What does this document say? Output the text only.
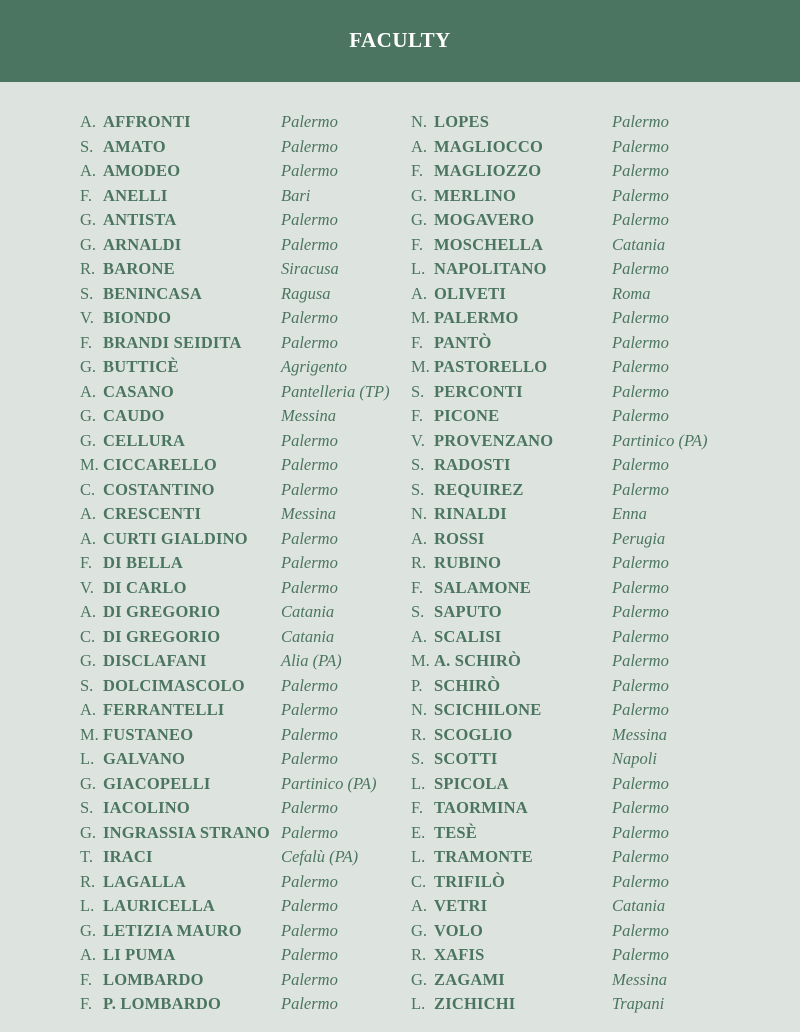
FACULTY
A. AFFRONTI	Palermo
S. AMATO	Palermo
A. AMODEO	Palermo
F. ANELLI	Bari
G. ANTISTA	Palermo
G. ARNALDI	Palermo
R. BARONE	Siracusa
S. BENINCASA	Ragusa
V. BIONDO	Palermo
F. BRANDI SEIDITA Palermo
G. BUTTICÈ	Agrigento
A. CASANO	Pantelleria (TP)
G. CAUDO	Messina
G. CELLURA	Palermo
M. CICCARELLO	Palermo
C. COSTANTINO	Palermo
A. CRESCENTI	Messina
A. CURTI GIALDINO Palermo
F. DI BELLA	Palermo
V. DI CARLO	Palermo
A. DI GREGORIO	Catania
C. DI GREGORIO	Catania
G. DISCLAFANI	Alia (PA)
S. DOLCIMASCOLO Palermo
A. FERRANTELLI	Palermo
M. FUSTANEO	Palermo
L. GALVANO	Palermo
G. GIACOPELLI	Partinico (PA)
S. IACOLINO	Palermo
G. INGRASSIA STRANO Palermo
T. IRACI	Cefalù (PA)
R. LAGALLA	Palermo
L. LAURICELLA	Palermo
G. LETIZIA MAURO Palermo
A. LI PUMA	Palermo
F. LOMBARDO	Palermo
F. P. LOMBARDO	Palermo
N. LOPES	Palermo
A. MAGLIOCCO	Palermo
F. MAGLIOZZO	Palermo
G. MERLINO	Palermo
G. MOGAVERO	Palermo
F. MOSCHELLA	Catania
L. NAPOLITANO	Palermo
A. OLIVETI	Roma
M. PALERMO	Palermo
F. PANTÒ	Palermo
M. PASTORELLO	Palermo
S. PERCONTI	Palermo
F. PICONE	Palermo
V. PROVENZANO	Partinico (PA)
S. RADOSTI	Palermo
S. REQUIREZ	Palermo
N. RINALDI	Enna
A. ROSSI	Perugia
R. RUBINO	Palermo
F. SALAMONE	Palermo
S. SAPUTO	Palermo
A. SCALISI	Palermo
M. A. SCHIRÒ	Palermo
P. SCHIRÒ	Palermo
N. SCICHILONE	Palermo
R. SCOGLIO	Messina
S. SCOTTI	Napoli
L. SPICOLA	Palermo
F. TAORMINA	Palermo
E. TESÈ	Palermo
L. TRAMONTE	Palermo
C. TRIFILÒ	Palermo
A. VETRI	Catania
G. VOLO	Palermo
R. XAFIS	Palermo
G. ZAGAMI	Messina
L. ZICHICHI	Trapani
